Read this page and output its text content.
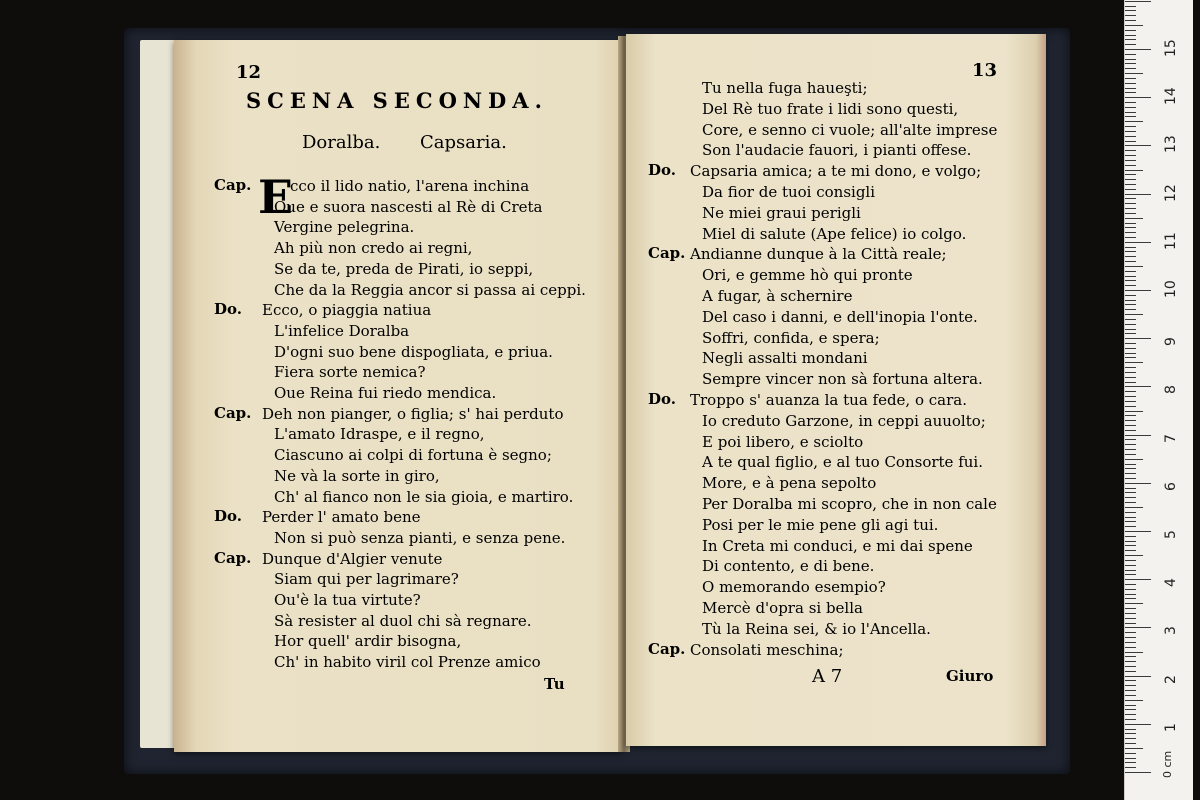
12
SCENA SECONDA.
Doralba. Capsaria.
E
Cap.	cco il lido natio, l'arena inchina
Oue e suora nascesti al Rè di Creta
Vergine pelegrina.
Ah più non credo ai regni,
Se da te, preda de Pirati, io seppi,
Che da la Reggia ancor si passa ai ceppi.
Do. Ecco, o piaggia natiua
L'infelice Doralba
D'ogni suo bene dispogliata, e priua.
Fiera sorte nemica?
Oue Reina fui riedo mendica.
Cap. Deh non pianger, o figlia; s' hai perduto
L'amato Idraspe, e il regno,
Ciascuno ai colpi di fortuna è segno;
Ne và la sorte in giro,
Ch' al fianco non le sia gioia, e martiro.
Do. Perder l' amato bene
Non si può senza pianti, e senza pene.
Cap. Dunque d'Algier venute
Siam qui per lagrimare?
Ou'è la tua virtute?
Sà resister al duol chi sà regnare.
Hor quell' ardir bisogna,
Ch' in habito viril col Prenze amico
Tu
13
Tu nella fuga haueşti;
Del Rè tuo frate i lidi sono questi,
Core, e senno ci vuole; all'alte imprese
Son l'audacie fauori, i pianti offese.
Do. Capsaria amica; a te mi dono, e volgo;
Da fior de tuoi consigli
Ne miei graui perigli
Miel di salute (Ape felice) io colgo.
Cap. Andianne dunque à la Città reale;
Ori, e gemme hò qui pronte
A fugar, à schernire
Del caso i danni, e dell'inopia l'onte.
Soffri, confida, e spera;
Negli assalti mondani
Sempre vincer non sà fortuna altera.
Do. Troppo s' auanza la tua fede, o cara.
Io creduto Garzone, in ceppi auuolto;
E poi libero, e sciolto
A te qual figlio, e al tuo Consorte fui.
More, e à pena sepolto
Per Doralba mi scopro, che in non cale
Posi per le mie pene gli agi tui.
In Creta mi conduci, e mi dai spene
Di contento, e di bene.
O memorando esempio?
Mercè d'opra si bella
Tù la Reina sei, & io l'Ancella.
Cap. Consolati meschina;
A 7	Giuro
0 cm
1
2
3
4
5
6
7
8
9
10
11
12
13
14
15
